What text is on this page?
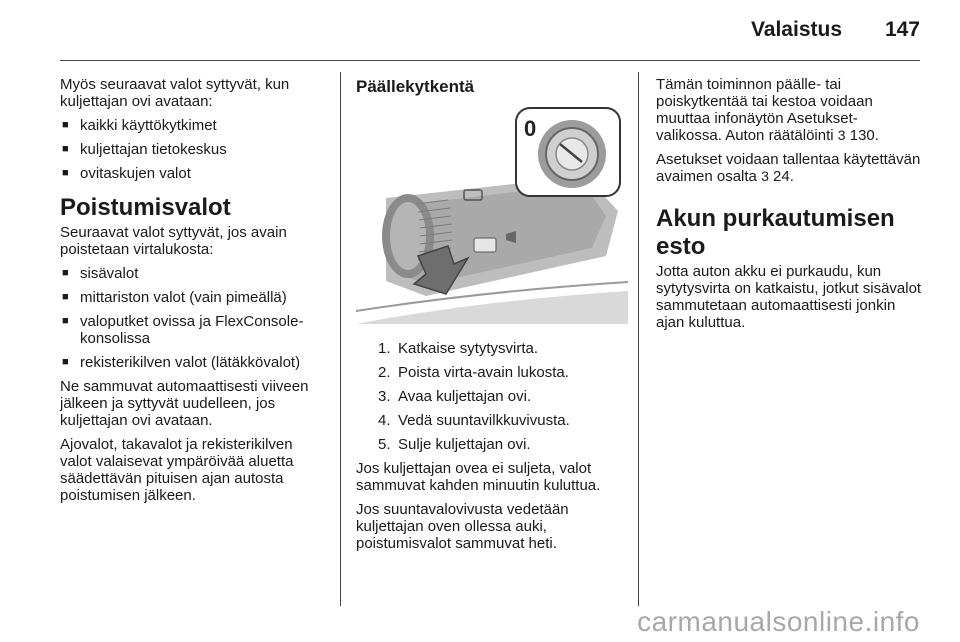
Valaistus 147

Myös seuraavat valot syttyvät, kun kuljettajan ovi avataan:

■ kaikki käyttökytkimet
■ kuljettajan tietokeskus
■ ovitaskujen valot
Poistumisvalot

Seuraavat valot syttyvät, jos avain poistetaan virtalukosta:

■ sisävalot
■ mittariston valot (vain pimeällä)
■ valoputket ovissa ja FlexConsole-konsolissa
■ rekisterikilven valot (lätäkkövalot)

Ne sammuvat automaattisesti viiveen jälkeen ja syttyvät uudelleen, jos kuljettajan ovi avataan.

Ajovalot, takavalot ja rekisterikilven valot valaisevat ympäröivää aluetta säädettävän pituisen ajan autosta poistumisen jälkeen.

Päällekytkentä
0
1. Katkaise sytytysvirta.
2. Poista virta-avain lukosta.
3. Avaa kuljettajan ovi.
4. Vedä suuntavilkkuvivusta.
5. Sulje kuljettajan ovi.

Jos kuljettajan ovea ei suljeta, valot sammuvat kahden minuutin kuluttua.

Jos suuntavalovivusta vedetään kuljettajan oven ollessa auki, poistumisvalot sammuvat heti.

Tämän toiminnon päälle- tai poiskytkentää tai kestoa voidaan muuttaa infonäytön Asetukset-valikossa. Auton räätälöinti 3 130.

Asetukset voidaan tallentaa käytettävän avaimen osalta 3 24.

Akun purkautumisen esto

Jotta auton akku ei purkaudu, kun sytytysvirta on katkaistu, jotkut sisävalot sammutetaan automaattisesti jonkin ajan kuluttua.

carmanualsonline.info
